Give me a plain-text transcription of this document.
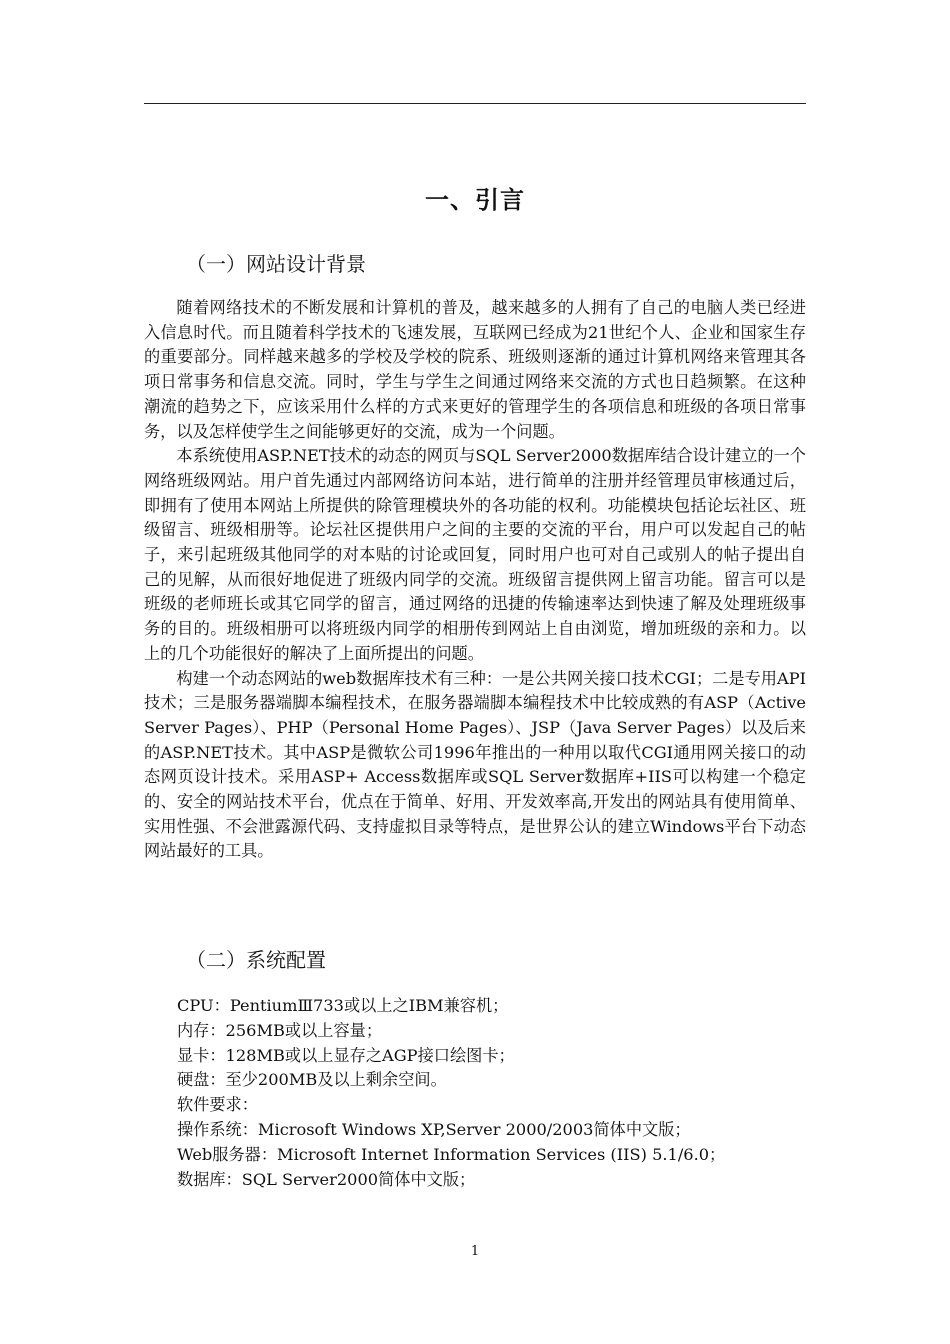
一、引言
（一）网站设计背景

随着网络技术的不断发展和计算机的普及，越来越多的人拥有了自己的电脑人类已经进入信息时代。而且随着科学技术的飞速发展，互联网已经成为21世纪个人、企业和国家生存的重要部分。同样越来越多的学校及学校的院系、班级则逐渐的通过计算机网络来管理其各项日常事务和信息交流。同时，学生与学生之间通过网络来交流的方式也日趋频繁。在这种潮流的趋势之下，应该采用什么样的方式来更好的管理学生的各项信息和班级的各项日常事务，以及怎样使学生之间能够更好的交流，成为一个问题。

本系统使用ASP.NET技术的动态的网页与SQL Server2000数据库结合设计建立的一个网络班级网站。用户首先通过内部网络访问本站，进行简单的注册并经管理员审核通过后，即拥有了使用本网站上所提供的除管理模块外的各功能的权利。功能模块包括论坛社区、班级留言、班级相册等。论坛社区提供用户之间的主要的交流的平台，用户可以发起自己的帖子，来引起班级其他同学的对本贴的讨论或回复，同时用户也可对自己或别人的帖子提出自己的见解，从而很好地促进了班级内同学的交流。班级留言提供网上留言功能。留言可以是班级的老师班长或其它同学的留言，通过网络的迅捷的传输速率达到快速了解及处理班级事务的目的。班级相册可以将班级内同学的相册传到网站上自由浏览，增加班级的亲和力。以上的几个功能很好的解决了上面所提出的问题。

构建一个动态网站的web数据库技术有三种：一是公共网关接口技术CGI；二是专用API技术；三是服务器端脚本编程技术，在服务器端脚本编程技术中比较成熟的有ASP（Active Server Pages）、PHP（Personal Home Pages）、JSP（Java Server Pages）以及后来的ASP.NET技术。其中ASP是微软公司1996年推出的一种用以取代CGI通用网关接口的动态网页设计技术。采用ASP+ Access数据库或SQL Server数据库+IIS可以构建一个稳定的、安全的网站技术平台，优点在于简单、好用、开发效率高,开发出的网站具有使用简单、实用性强、不会泄露源代码、支持虚拟目录等特点，是世界公认的建立Windows平台下动态网站最好的工具。

（二）系统配置
CPU：PentiumⅢ733或以上之IBM兼容机；
内存：256MB或以上容量；
显卡：128MB或以上显存之AGP接口绘图卡；
硬盘：至少200MB及以上剩余空间。
软件要求：
操作系统：Microsoft Windows XP,Server 2000/2003简体中文版；
Web服务器：Microsoft Internet Information Services (IIS) 5.1/6.0；
数据库：SQL Server2000简体中文版；
1
